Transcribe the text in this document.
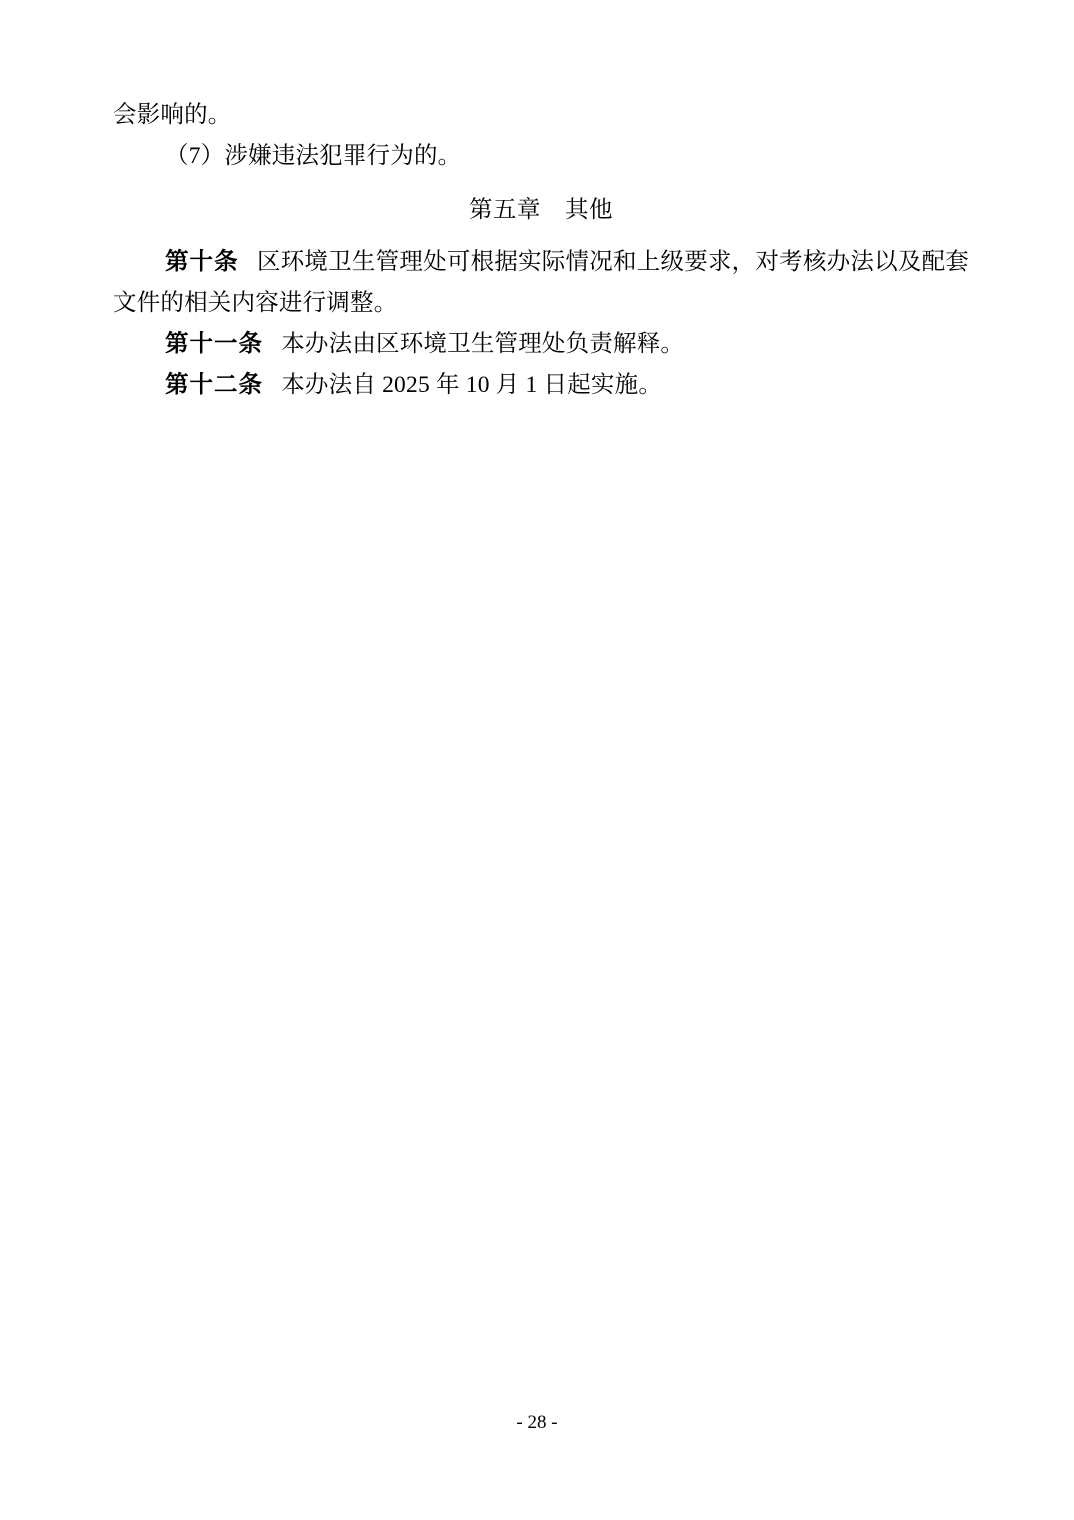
会影响的。

（7）涉嫌违法犯罪行为的。

第五章　其他

第十条 区环境卫生管理处可根据实际情况和上级要求，对考核办法以及配套文件的相关内容进行调整。

第十一条 本办法由区环境卫生管理处负责解释。

第十二条 本办法自 2025 年 10 月 1 日起实施。

- 28 -
